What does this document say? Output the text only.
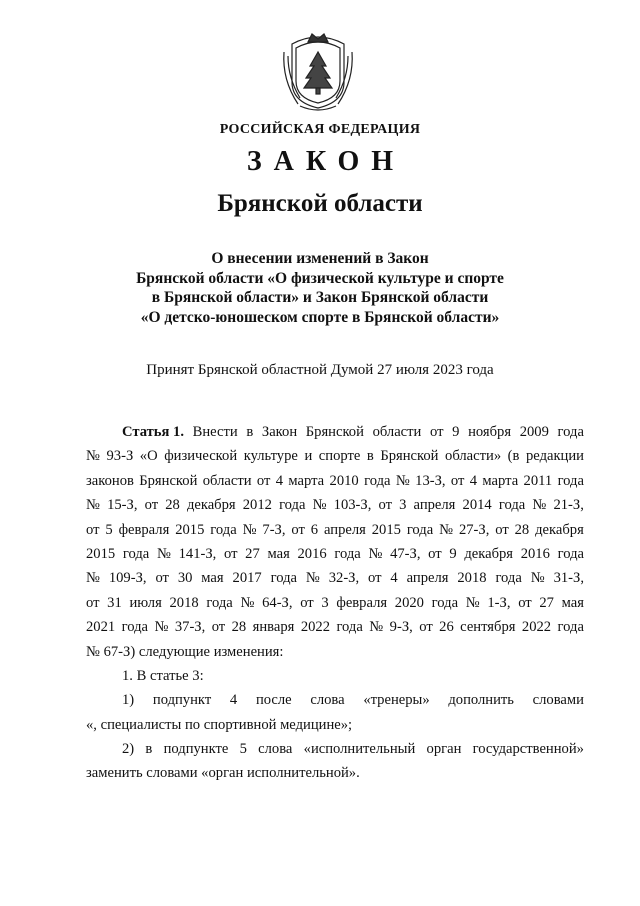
РОССИЙСКАЯ ФЕДЕРАЦИЯ
ЗАКОН
Брянской области
О внесении изменений в Закон
Брянской области «О физической культуре и спорте
в Брянской области» и Закон Брянской области
«О детско-юношеском спорте в Брянской области»
Принят Брянской областной Думой 27 июля 2023 года
Статья 1. Внести в Закон Брянской области от 9 ноября 2009 года
№ 93-З «О физической культуре и спорте в Брянской области» (в редакции
законов Брянской области от 4 марта 2010 года № 13-З, от 4 марта 2011 года
№ 15-З, от 28 декабря 2012 года № 103-З, от 3 апреля 2014 года № 21-З,
от 5 февраля 2015 года № 7-З, от 6 апреля 2015 года № 27-З, от 28 декабря
2015 года № 141-З, от 27 мая 2016 года № 47-З, от 9 декабря 2016 года
№ 109-З, от 30 мая 2017 года № 32-З, от 4 апреля 2018 года № 31-З,
от 31 июля 2018 года № 64-З, от 3 февраля 2020 года № 1-З, от 27 мая
2021 года № 37-З, от 28 января 2022 года № 9-З, от 26 сентября 2022 года
№ 67-З) следующие изменения:
1. В статье 3:
1) подпункт 4 после слова «тренеры» дополнить словами
«, специалисты по спортивной медицине»;
2) в подпункте 5 слова «исполнительный орган государственной»
заменить словами «орган исполнительной».
